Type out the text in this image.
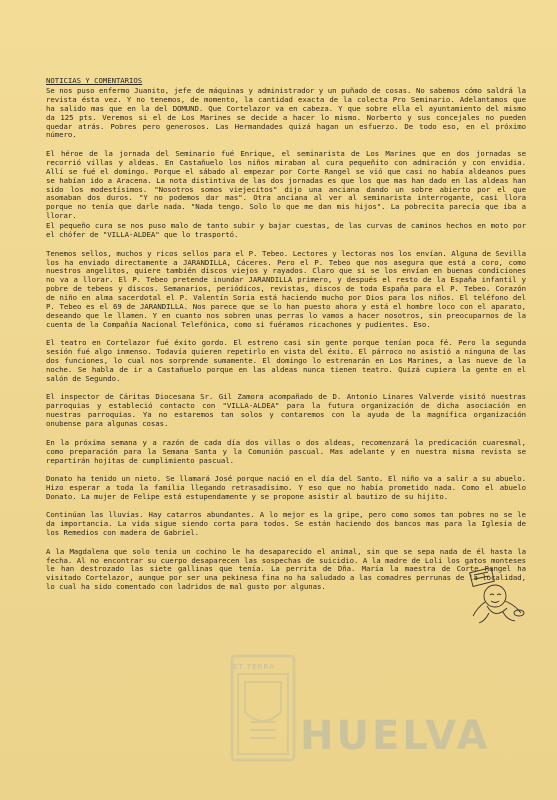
NOTICIAS Y COMENTARIOS

Se nos puso enfermo Juanito, jefe de máquinas y administrador y un puñado de cosas. No sabemos cómo saldrá la revista ésta vez. Y no tenemos, de momento, la cantidad exacta de la colecta Pro Seminario. Adelantamos que ha salido mas que en la del DOMUND. Que Cortelazor va en cabeza. Y que sobre ella el ayuntamiento del mismo da 125 pts. Veremos si el de Los Marines se decide a hacer lo mismo. Norberto y sus concejales no pueden quedar atrás. Pobres pero generosos. Las Hermandades quizá hagan un esfuerzo. De todo eso, en el próximo número.

El héroe de la jornada del Seminario fué Enrique, el seminarista de Los Marines que en dos jornadas se recorrió villas y aldeas. En Castañuelo los niños miraban al cura pequeñito con admiración y con envidia. Allí se fué el domingo. Porque el sábado al empezar por Corte Rangel se vió que casi no había aldeanos pues se habían ido a Aracena. La nota distintiva de las dos jornadas es que los que mas han dado en las aldeas han sido los modestísimos. "Nosotros somos viejecitos" dijo una anciana dando un sobre abierto por el que asomaban dos duros. "Y no podemos dar mas". Otra anciana al ver al seminarista interrogante, casi llora porque no tenía que darle nada. "Nada tengo. Solo lo que me dan mis hijos". La pobrecita parecía que iba a llorar.

El pequeño cura se nos puso malo de tanto subir y bajar cuestas, de las curvas de caminos hechos en moto por el chófer de "VILLA-ALDEA" que lo trasportó.

Tenemos sellos, muchos y ricos sellos para el P. Tebeo. Lectores y lectoras nos los envían. Alguna de Sevilla los ha enviado directamente a JARANDILLA, Cáceres. Pero el P. Tebeo que nos asegura que está a coro, como nuestros angelitos, quiere también discos viejos y rayados. Claro que si se los envían en buenas condiciones no va a llorar. El P. Tebeo pretende inundar JARANDILLA primero, y después el resto de la España infantil y pobre de tebeos y discos. Semanarios, periódicos, revistas, discos de toda España para el P. Tebeo. Corazón de niño en alma sacerdotal el P. Valentín Soria está haciendo mucho por Dios para los niños. El teléfono del P. Tebeo es el 69 de JARANDILLA. Nos parece que se lo han puesto ahora y está el hombre loco con el aparato, deseando que le llamen. Y en cuanto nos sobren unas perras lo vamos a hacer nosotros, sin preocuparnos de la cuenta de la Compañía Nacional Telefónica, como si fuéramos ricachones y pudientes. Eso.

El teatro en Cortelazor fué éxito gordo. El estreno casi sin gente porque tenían poca fé. Pero la segunda sesión fué algo inmenso. Todavía quieren repetirlo en vista del éxito. El párroco no asistió a ninguna de las dos funciones, lo cual nos sorprende sumamente. El domingo lo estrenarán en Los Marines, a las nueve de la noche. Se habla de ir a Castañuelo porque en las aldeas nunca tienen teatro. Quizá cupiera la gente en el salón de Segundo.

El inspector de Cáritas Diocesana Sr. Gil Zamora acompañado de D. Antonio Linares Valverde visitó nuestras parroquias y estableció contacto con "VILLA-ALDEA" para la futura organización de dicha asociación en nuestras parroquias. Ya no estaremos tan solos y contaremos con la ayuda de la magnífica organización onubense para algunas cosas.

En la próxima semana y a razón de cada día dos villas o dos aldeas, recomenzará la predicación cuaresmal, como preparación para la Semana Santa y la Comunión pascual. Mas adelante y en nuestra misma revista se repartirán hojitas de cumplimiento pascual.

Donato ha tenido un nieto. Se llamará José porque nació en el día del Santo. El niño va a salir a su abuelo. Hizo esperar a toda la familia llegando retrasadísimo. Y eso que no había prometido nada. Como el abuelo Donato. La mujer de Felipe está estupendamente y se propone asistir al bautizo de su hijito.

Continúan las lluvias. Hay catarros abundantes. A lo mejor es la gripe, pero como somos tan pobres no se le da importancia. La vida sigue siendo corta para todos. Se están haciendo dos bancos mas para la Iglesia de los Remedios con madera de Gabriel.

A la Magdalena que solo tenía un cochino le ha desaparecido el animal, sin que se sepa nada de él hasta la fecha. Al no encontrar su cuerpo desaparecen las sospechas de suicidio. A la madre de Loli los gatos monteses le han destrozado las siete gallinas que tenía. La perrita de Dña. María la maestra de Corte Rangel ha visitado Cortelazor, aunque por ser una pekinesa fina no ha saludado a las comadres perrunas de la localidad, lo cual ha sido comentado con ladridos de mal gusto por algunas.

ET TERRA
HUELVA
